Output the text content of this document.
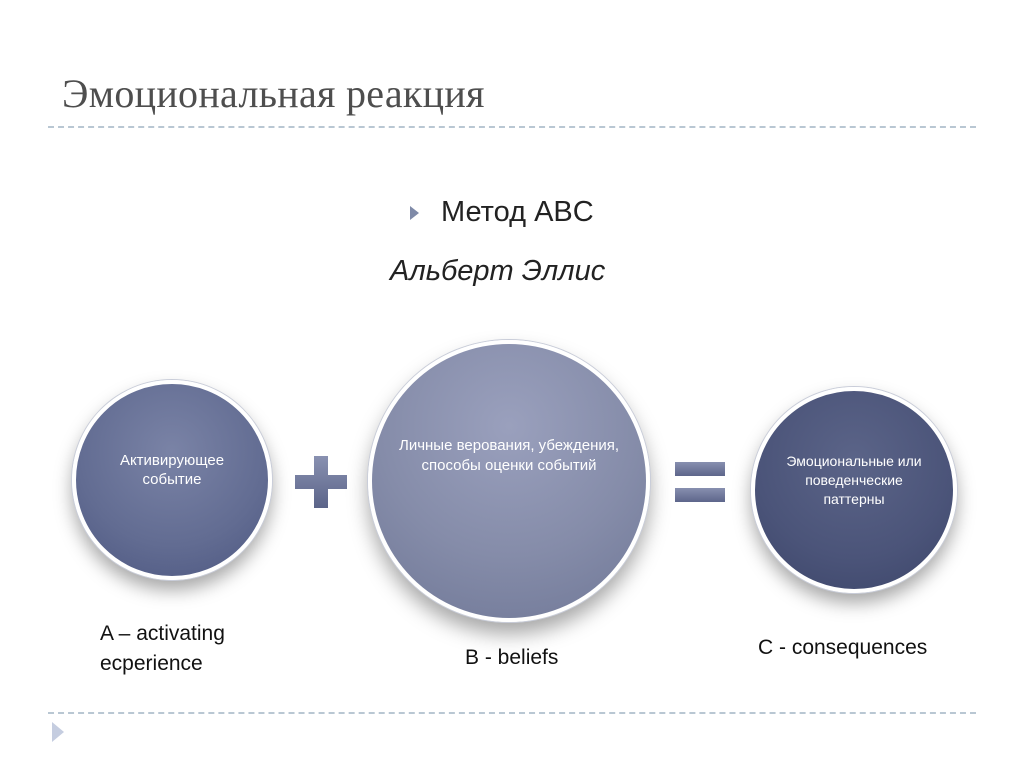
Эмоциональная реакция
Метод ABC
Альберт Эллис
Активирующее событие
Личные верования, убеждения, способы оценки событий	Эмоциональные или поведенческие паттерны
A – activating ecperience	B - beliefs	C - consequences
